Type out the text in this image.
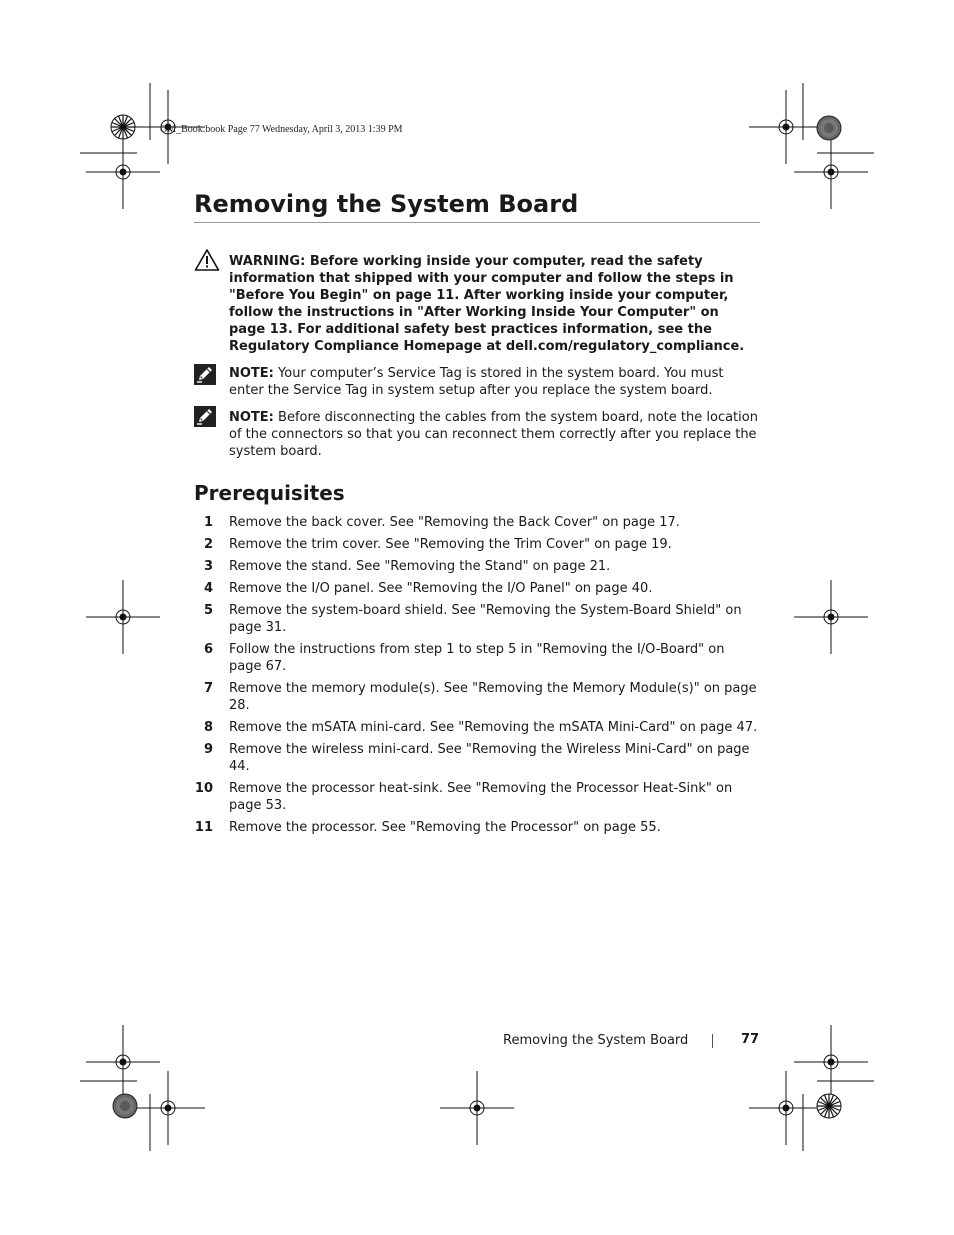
OM_Book.book Page 77 Wednesday, April 3, 2013 1:39 PM
Removing the System Board
WARNING: Before working inside your computer, read the safety information that shipped with your computer and follow the steps in "Before You Begin" on page 11. After working inside your computer, follow the instructions in "After Working Inside Your Computer" on page 13. For additional safety best practices information, see the Regulatory Compliance Homepage at dell.com/regulatory_compliance.
NOTE: Your computer’s Service Tag is stored in the system board. You must enter the Service Tag in system setup after you replace the system board.
NOTE: Before disconnecting the cables from the system board, note the location of the connectors so that you can reconnect them correctly after you replace the system board.
Prerequisites
1 Remove the back cover. See "Removing the Back Cover" on page 17.
2 Remove the trim cover. See "Removing the Trim Cover" on page 19.
3 Remove the stand. See "Removing the Stand" on page 21.
4 Remove the I/O panel. See "Removing the I/O Panel" on page 40.
5 Remove the system-board shield. See "Removing the System-Board Shield" on page 31.
6 Follow the instructions from step 1 to step 5 in "Removing the I/O-Board" on page 67.
7 Remove the memory module(s). See "Removing the Memory Module(s)" on page 28.
8 Remove the mSATA mini-card. See "Removing the mSATA Mini-Card" on page 47.
9 Remove the wireless mini-card. See "Removing the Wireless Mini-Card" on page 44.
10 Remove the processor heat-sink. See "Removing the Processor Heat-Sink" on page 53.
11 Remove the processor. See "Removing the Processor" on page 55.
Removing the System Board	77
